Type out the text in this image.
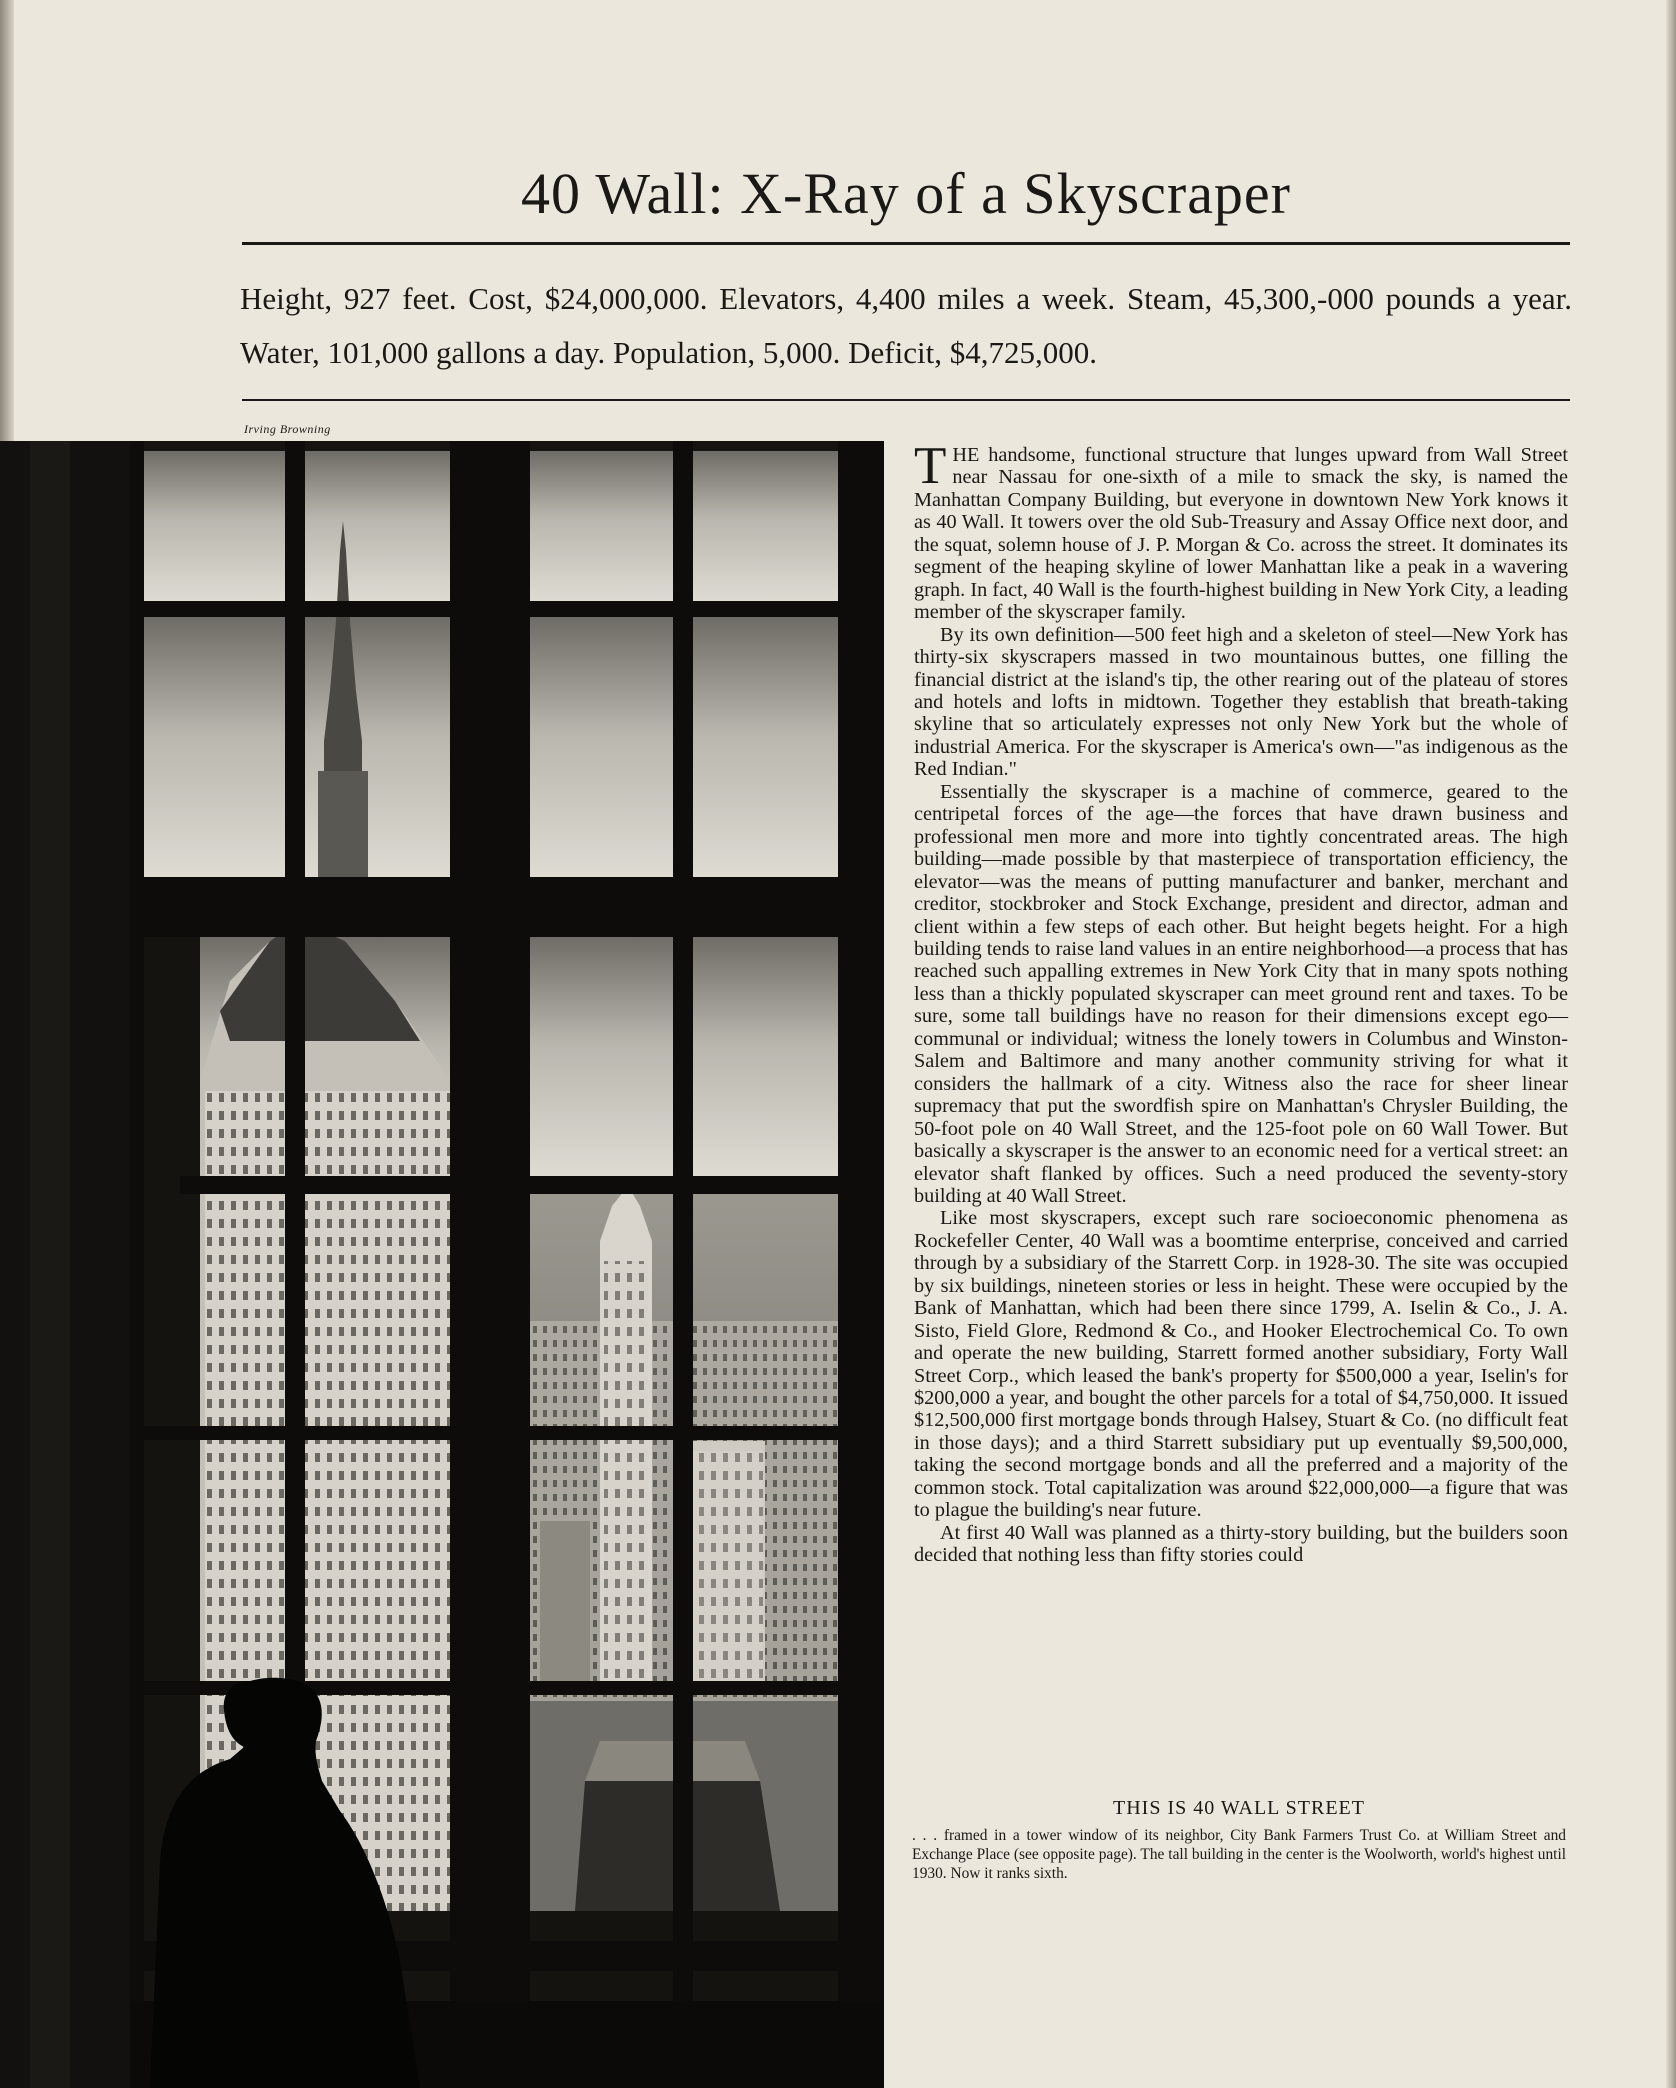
40 Wall: X-Ray of a Skyscraper
Height, 927 feet. Cost, $24,000,000. Elevators, 4,400 miles a week. Steam, 45,300,-000 pounds a year. Water, 101,000 gallons a day. Population, 5,000. Deficit, $4,725,000.
Irving Browning

THE handsome, functional structure that lunges upward from Wall Street near Nassau for one-sixth of a mile to smack the sky, is named the Manhattan Company Building, but everyone in downtown New York knows it as 40 Wall. It towers over the old Sub-Treasury and Assay Office next door, and the squat, solemn house of J. P. Morgan & Co. across the street. It dominates its segment of the heaping skyline of lower Manhattan like a peak in a wavering graph. In fact, 40 Wall is the fourth-highest building in New York City, a leading member of the skyscraper family.

By its own definition—500 feet high and a skeleton of steel—New York has thirty-six skyscrapers massed in two mountainous buttes, one filling the financial district at the island's tip, the other rearing out of the plateau of stores and hotels and lofts in midtown. Together they establish that breath-taking skyline that so articulately expresses not only New York but the whole of industrial America. For the skyscraper is America's own—"as indigenous as the Red Indian."

Essentially the skyscraper is a machine of commerce, geared to the centripetal forces of the age—the forces that have drawn business and professional men more and more into tightly concentrated areas. The high building—made possible by that masterpiece of transportation efficiency, the elevator—was the means of putting manufacturer and banker, merchant and creditor, stockbroker and Stock Exchange, president and director, adman and client within a few steps of each other. But height begets height. For a high building tends to raise land values in an entire neighborhood—a process that has reached such appalling extremes in New York City that in many spots nothing less than a thickly populated skyscraper can meet ground rent and taxes. To be sure, some tall buildings have no reason for their dimensions except ego—communal or individual; witness the lonely towers in Columbus and Winston-Salem and Baltimore and many another community striving for what it considers the hallmark of a city. Witness also the race for sheer linear supremacy that put the swordfish spire on Manhattan's Chrysler Building, the 50-foot pole on 40 Wall Street, and the 125-foot pole on 60 Wall Tower. But basically a skyscraper is the answer to an economic need for a vertical street: an elevator shaft flanked by offices. Such a need produced the seventy-story building at 40 Wall Street.

Like most skyscrapers, except such rare socioeconomic phenomena as Rockefeller Center, 40 Wall was a boomtime enterprise, conceived and carried through by a subsidiary of the Starrett Corp. in 1928-30. The site was occupied by six buildings, nineteen stories or less in height. These were occupied by the Bank of Manhattan, which had been there since 1799, A. Iselin & Co., J. A. Sisto, Field Glore, Redmond & Co., and Hooker Electrochemical Co. To own and operate the new building, Starrett formed another subsidiary, Forty Wall Street Corp., which leased the bank's property for $500,000 a year, Iselin's for $200,000 a year, and bought the other parcels for a total of $4,750,000. It issued $12,500,000 first mortgage bonds through Halsey, Stuart & Co. (no difficult feat in those days); and a third Starrett subsidiary put up eventually $9,500,000, taking the second mortgage bonds and all the preferred and a majority of the common stock. Total capitalization was around $22,000,000—a figure that was to plague the building's near future.

At first 40 Wall was planned as a thirty-story building, but the builders soon decided that nothing less than fifty stories could

THIS IS 40 WALL STREET
. . . framed in a tower window of its neighbor, City Bank Farmers Trust Co. at William Street and Exchange Place (see opposite page). The tall building in the center is the Woolworth, world's highest until 1930. Now it ranks sixth.
